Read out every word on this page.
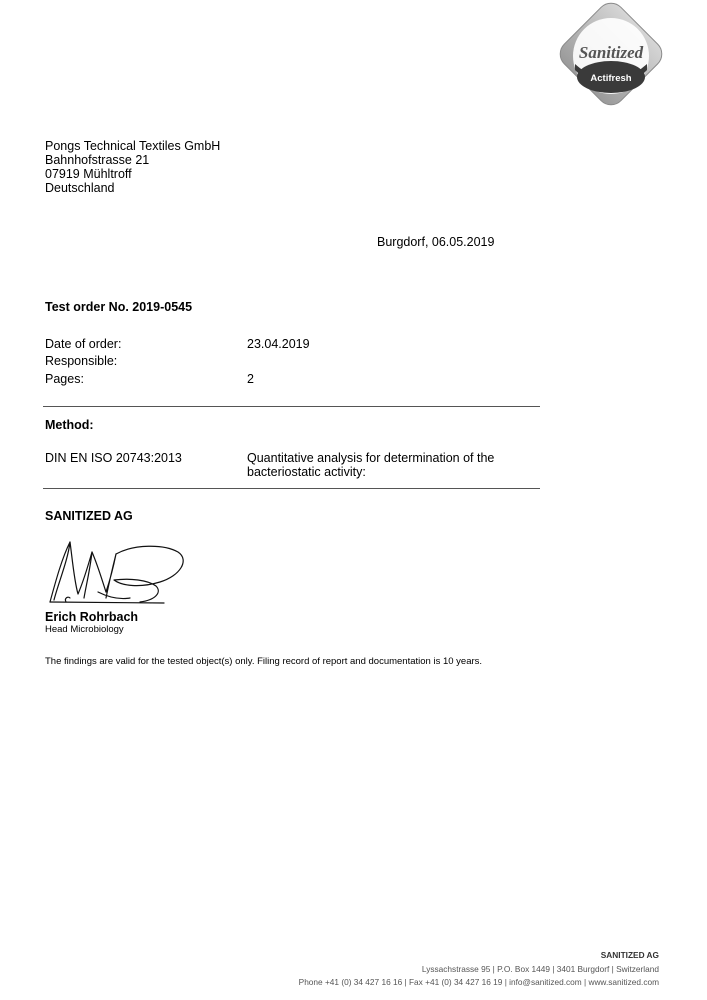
Sanitized
Actifresh
Pongs Technical Textiles GmbH
Bahnhofstrasse 21
07919 Mühltroff
Deutschland
Burgdorf, 06.05.2019
Test order No. 2019-0545
Date of order:	23.04.2019
Responsible:
Pages:	2
Method:
DIN EN ISO 20743:2013	Quantitative analysis for determination of the bacteriostatic activity:
SANITIZED AG
Erich Rohrbach
Head Microbiology
The findings are valid for the tested object(s) only. Filing record of report and documentation is 10 years.
SANITIZED AG
Lyssachstrasse 95 | P.O. Box 1449 | 3401 Burgdorf | Switzerland
Phone +41 (0) 34 427 16 16 | Fax +41 (0) 34 427 16 19 | info@sanitized.com | www.sanitized.com
